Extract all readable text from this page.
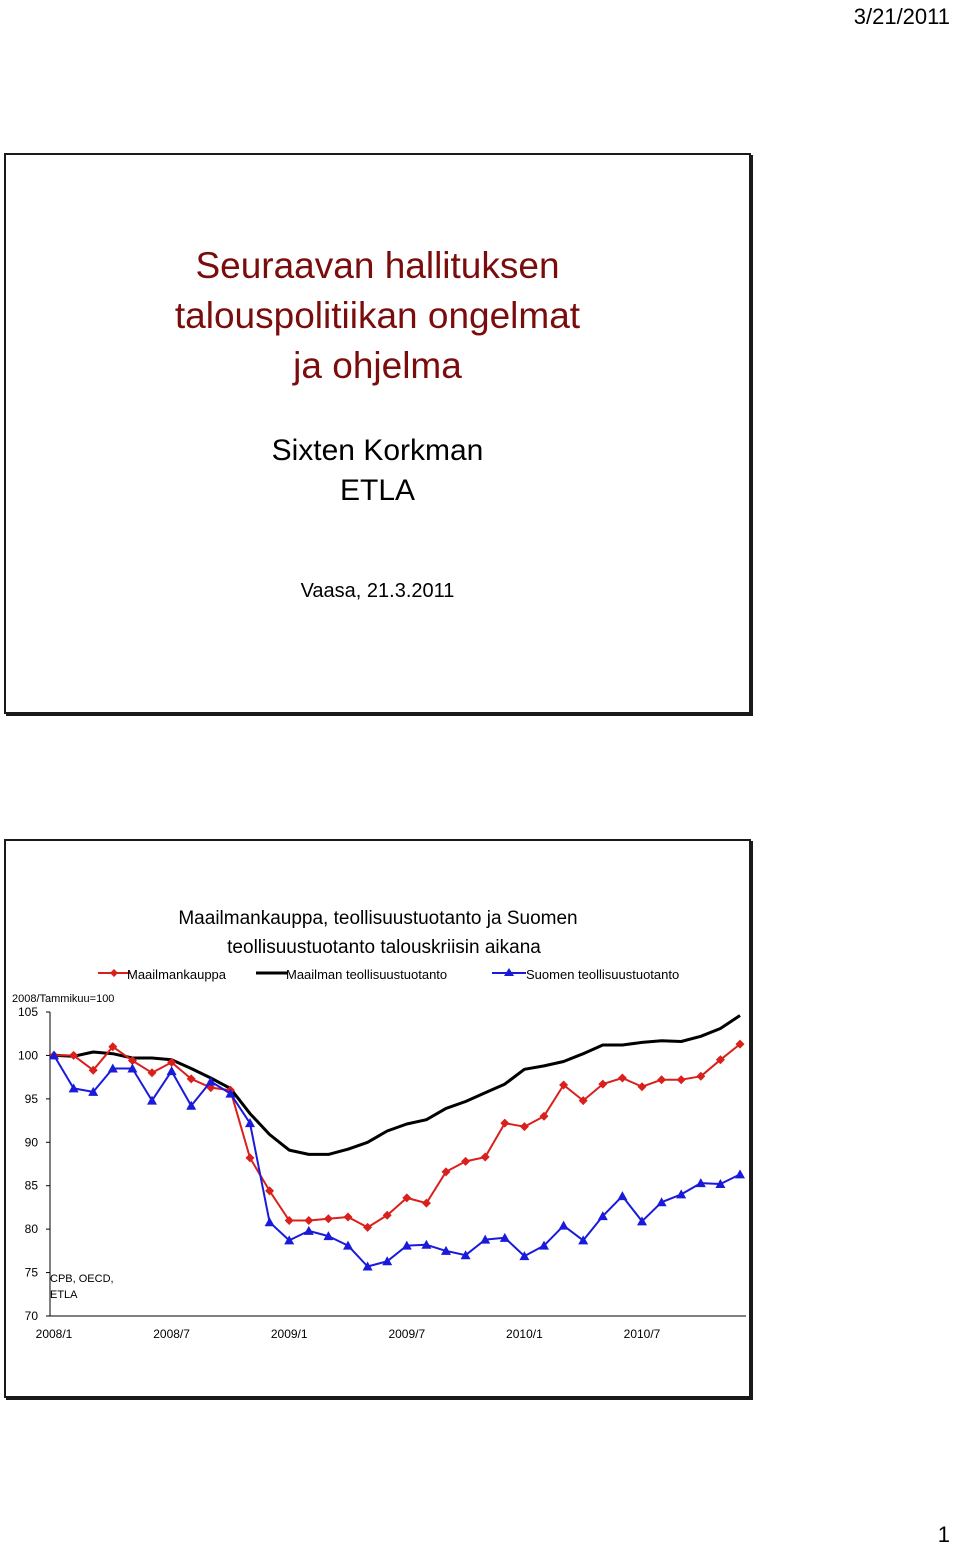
3/21/2011
Seuraavan hallituksen
talouspolitiikan ongelmat
ja ohjelma
Sixten Korkman
ETLA
Vaasa, 21.3.2011
Maailmankauppa, teollisuustuotanto ja Suomen
teollisuustuotanto talouskriisin aikana
Maailmankauppa	Maailman teollisuustuotanto	Suomen teollisuustuotanto
2008/Tammikuu=100
CPB, OECD,
ETLA
105
100
95
90
85
80
75
70
2008/1	2008/7	2009/1	2009/7	2010/1	2010/7
1
